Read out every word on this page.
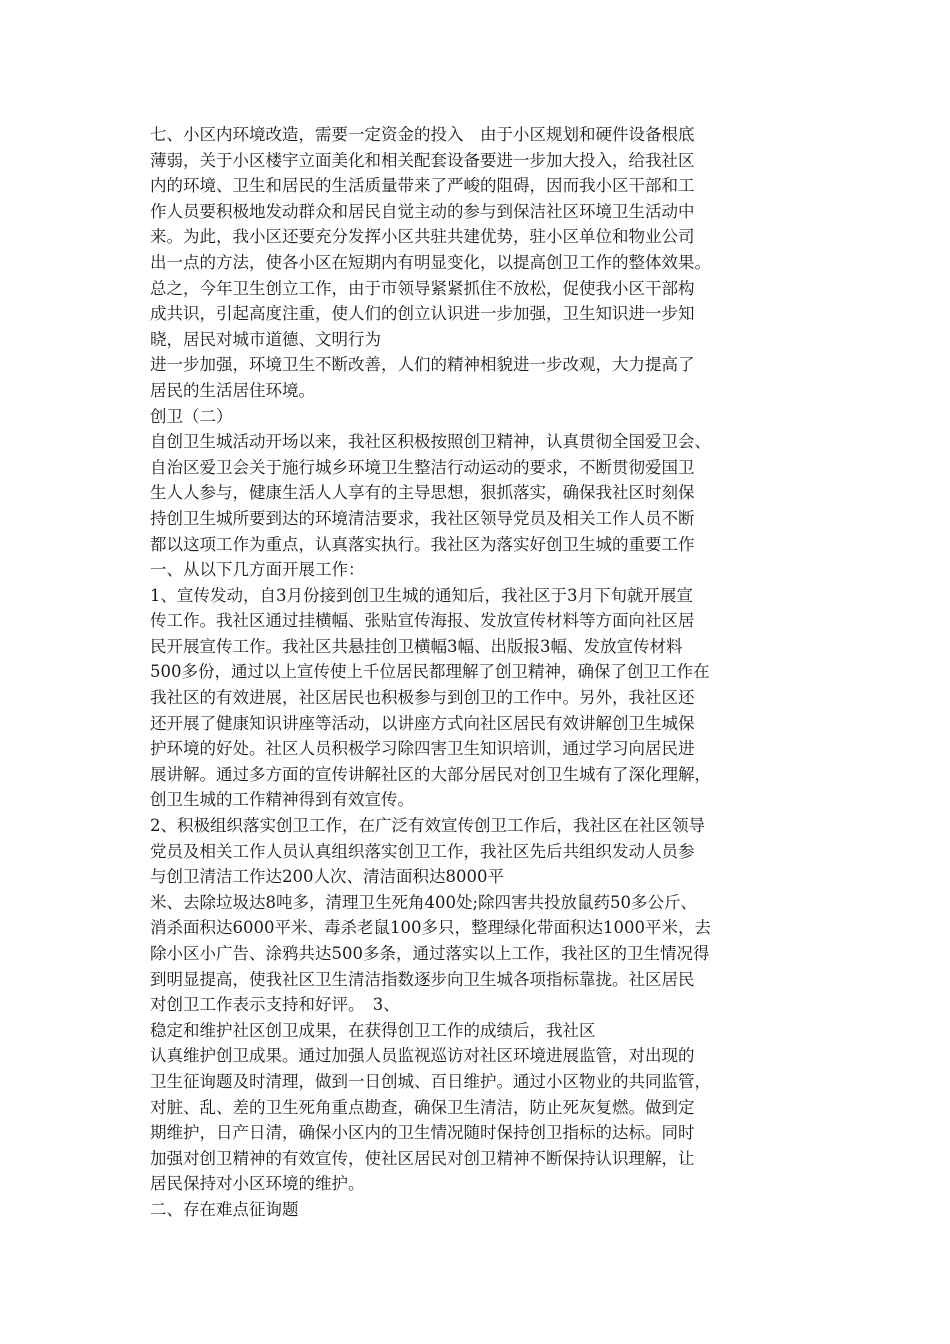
七、小区内环境改造，需要一定资金的投入　由于小区规划和硬件设备根底
薄弱，关于小区楼宇立面美化和相关配套设备要进一步加大投入，给我社区
内的环境、卫生和居民的生活质量带来了严峻的阻碍，因而我小区干部和工
作人员要积极地发动群众和居民自觉主动的参与到保洁社区环境卫生活动中
来。为此，我小区还要充分发挥小区共驻共建优势，驻小区单位和物业公司
出一点的方法，使各小区在短期内有明显变化，以提高创卫工作的整体效果。
总之，今年卫生创立工作，由于市领导紧紧抓住不放松，促使我小区干部构
成共识，引起高度注重，使人们的创立认识进一步加强，卫生知识进一步知
晓，居民对城市道德、文明行为
进一步加强，环境卫生不断改善，人们的精神相貌进一步改观，大力提高了
居民的生活居住环境。
创卫（二）
自创卫生城活动开场以来，我社区积极按照创卫精神，认真贯彻全国爱卫会、
自治区爱卫会关于施行城乡环境卫生整洁行动运动的要求，不断贯彻爱国卫
生人人参与，健康生活人人享有的主导思想，狠抓落实，确保我社区时刻保
持创卫生城所要到达的环境清洁要求，我社区领导党员及相关工作人员不断
都以这项工作为重点，认真落实执行。我社区为落实好创卫生城的重要工作
一、从以下几方面开展工作：
1、宣传发动，自3月份接到创卫生城的通知后，我社区于3月下旬就开展宣
传工作。我社区通过挂横幅、张贴宣传海报、发放宣传材料等方面向社区居
民开展宣传工作。我社区共悬挂创卫横幅3幅、出版报3幅、发放宣传材料
500多份，通过以上宣传使上千位居民都理解了创卫精神，确保了创卫工作在
我社区的有效进展，社区居民也积极参与到创卫的工作中。另外，我社区还
还开展了健康知识讲座等活动，以讲座方式向社区居民有效讲解创卫生城保
护环境的好处。社区人员积极学习除四害卫生知识培训，通过学习向居民进
展讲解。通过多方面的宣传讲解社区的大部分居民对创卫生城有了深化理解，
创卫生城的工作精神得到有效宣传。
2、积极组织落实创卫工作，在广泛有效宣传创卫工作后，我社区在社区领导
党员及相关工作人员认真组织落实创卫工作，我社区先后共组织发动人员参
与创卫清洁工作达200人次、清洁面积达8000平
米、去除垃圾达8吨多，清理卫生死角400处;除四害共投放鼠药50多公斤、
消杀面积达6000平米、毒杀老鼠100多只，整理绿化带面积达1000平米，去
除小区小广告、涂鸦共达500多条，通过落实以上工作，我社区的卫生情况得
到明显提高，使我社区卫生清洁指数逐步向卫生城各项指标靠拢。社区居民
对创卫工作表示支持和好评。　3、
稳定和维护社区创卫成果，在获得创卫工作的成绩后，我社区
认真维护创卫成果。通过加强人员监视巡访对社区环境进展监管，对出现的
卫生征询题及时清理，做到一日创城、百日维护。通过小区物业的共同监管，
对脏、乱、差的卫生死角重点勘查，确保卫生清洁，防止死灰复燃。做到定
期维护，日产日清，确保小区内的卫生情况随时保持创卫指标的达标。同时
加强对创卫精神的有效宣传，使社区居民对创卫精神不断保持认识理解，让
居民保持对小区环境的维护。
二、存在难点征询题
